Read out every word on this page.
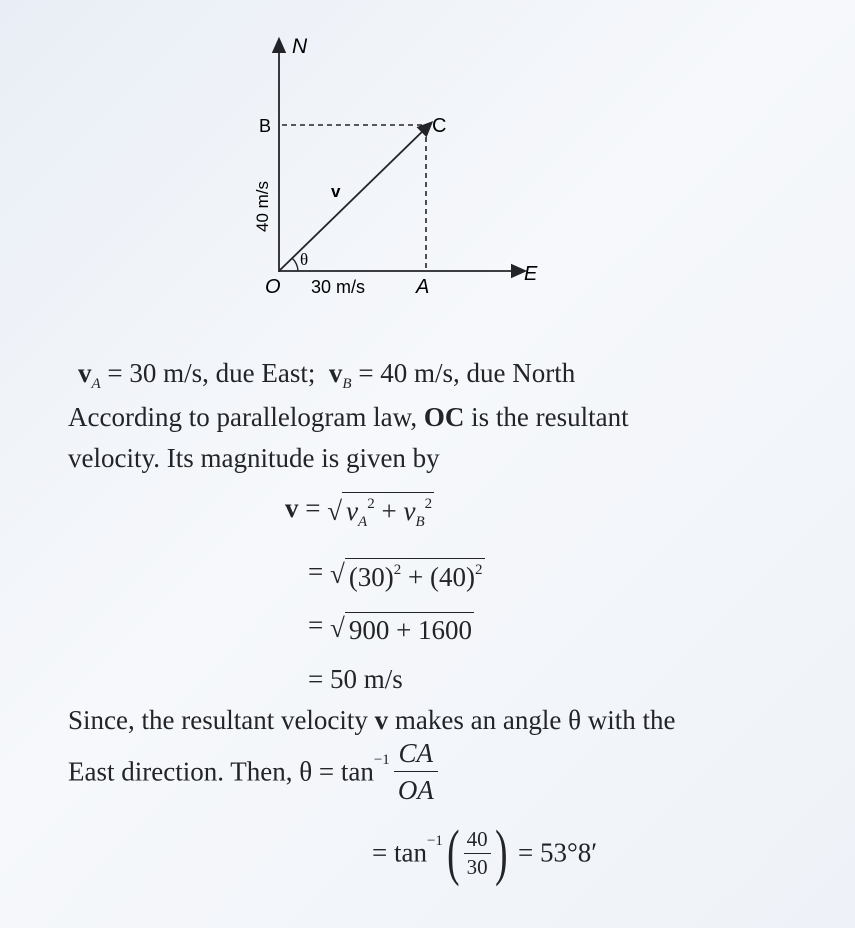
N
E
O	A
B	C
v
θ
30 m/s
40 m/s
$v_A = 30$ m/s, due East;  $v_B = 40$ m/s, due North
According to parallelogram law, OC is the resultant
velocity. Its magnitude is given by
v = √ $v_A^2 + v_B^2$
= √ $(30)^2 + (40)^2$
= √ 900 + 1600
= 50 m/s
Since, the resultant velocity v makes an angle θ with the
East direction. Then, $\theta = \tan^{-1} \frac{CA}{OA}$
= $\tan^{-1}( \frac{40}{30}$ ) = 53°8′
